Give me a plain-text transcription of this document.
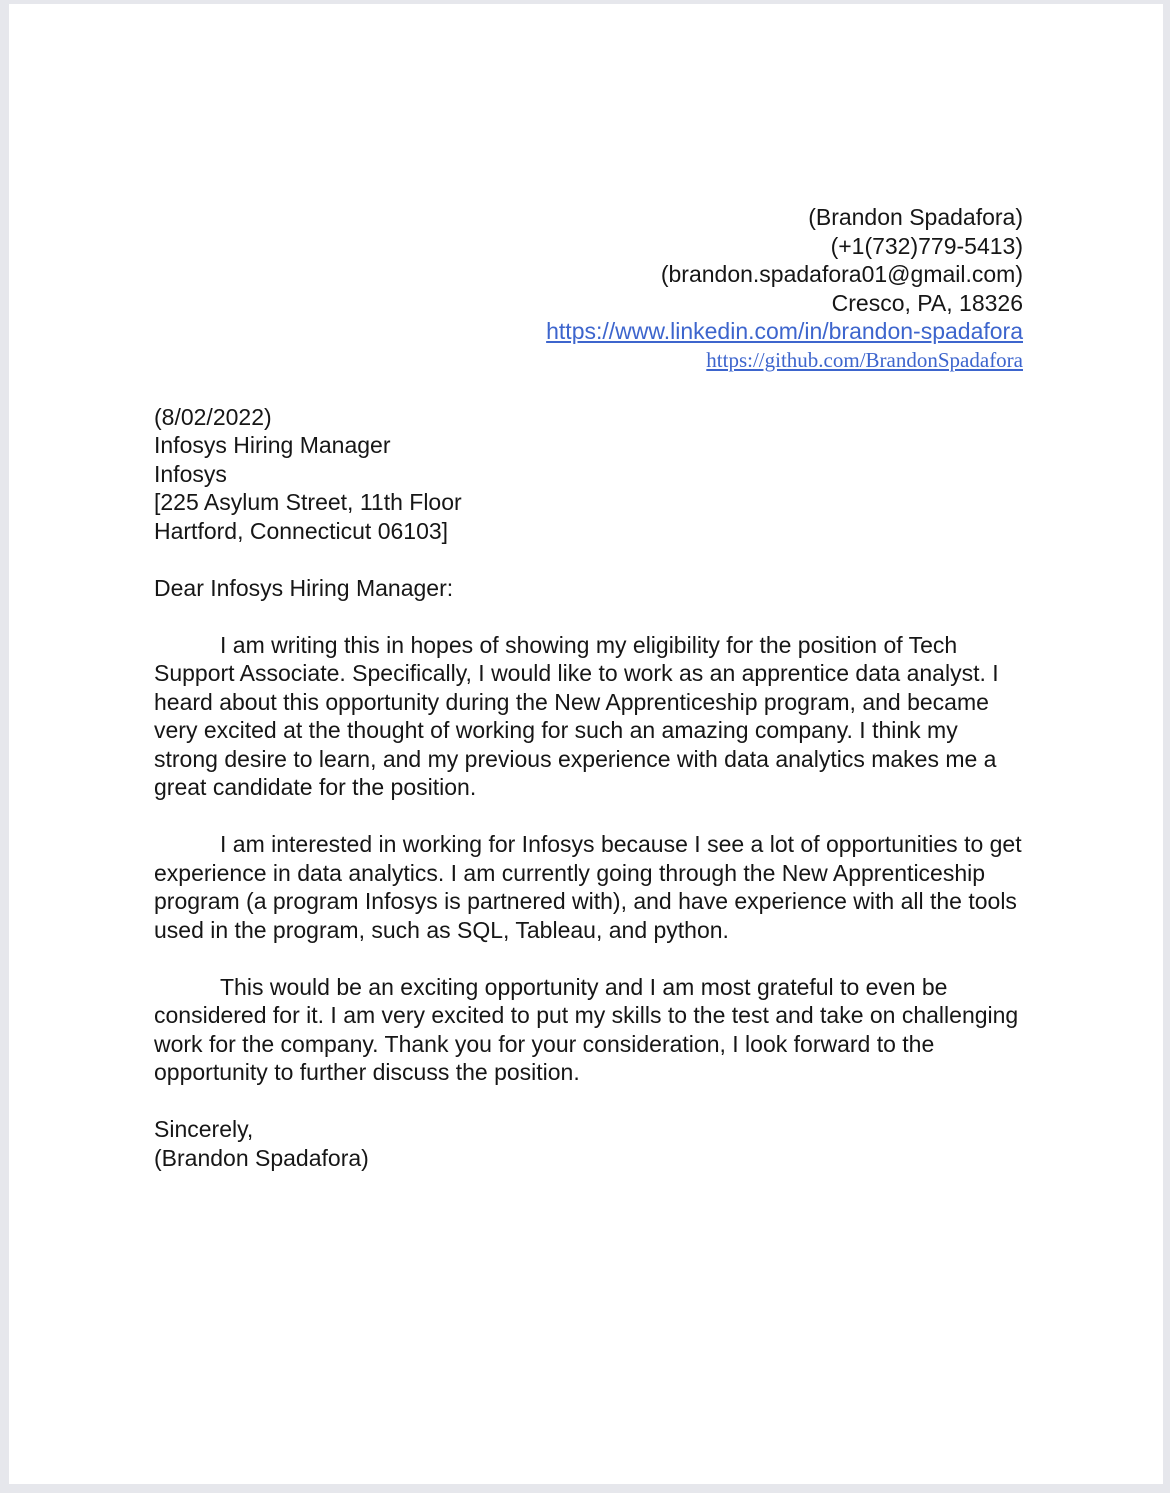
(Brandon Spadafora)
(+1(732)779-5413)
(brandon.spadafora01@gmail.com)
Cresco, PA, 18326
https://www.linkedin.com/in/brandon-spadafora
https://github.com/BrandonSpadafora
(8/02/2022)
Infosys Hiring Manager
Infosys
[225 Asylum Street, 11th Floor
Hartford, Connecticut 06103]
Dear Infosys Hiring Manager:

I am writing this in hopes of showing my eligibility for the position of Tech Support Associate. Specifically, I would like to work as an apprentice data analyst. I heard about this opportunity during the New Apprenticeship program, and became very excited at the thought of working for such an amazing company. I think my strong desire to learn, and my previous experience with data analytics makes me a great candidate for the position.

I am interested in working for Infosys because I see a lot of opportunities to get experience in data analytics. I am currently going through the New Apprenticeship program (a program Infosys is partnered with), and have experience with all the tools used in the program, such as SQL, Tableau, and python.

This would be an exciting opportunity and I am most grateful to even be considered for it. I am very excited to put my skills to the test and take on challenging work for the company. Thank you for your consideration, I look forward to the opportunity to further discuss the position.

Sincerely,
(Brandon Spadafora)
